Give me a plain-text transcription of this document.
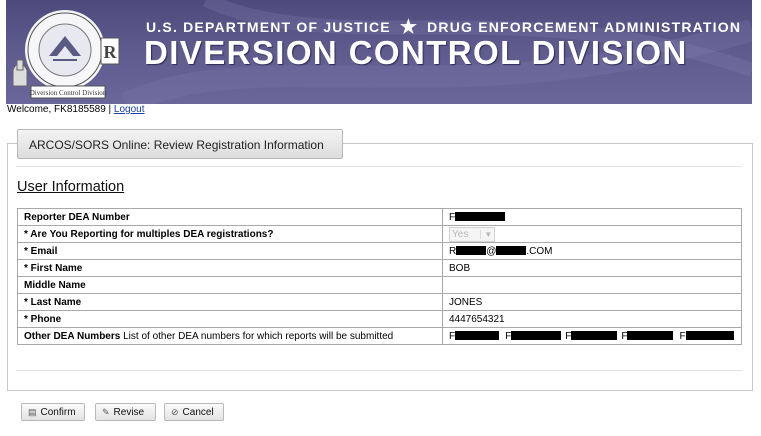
R
Diversion Control Division
U.S. DEPARTMENT OF JUSTICE ★ DRUG ENFORCEMENT ADMINISTRATION
DIVERSION CONTROL DIVISION
Welcome, FK8185589 | Logout
ARCOS/SORS Online: Review Registration Information
User Information
Reporter DEA Number	F
* Are You Reporting for multiples DEA registrations?	Yes ▼

* Email	R @ .COM
* First Name	BOB
Middle Name	
* Last Name	JONES
* Phone	4447654321
Other DEA Numbers List of other DEA numbers for which reports will be submitted	F F F F F
▤ Confirm	✎ Revise	⊘ Cancel
